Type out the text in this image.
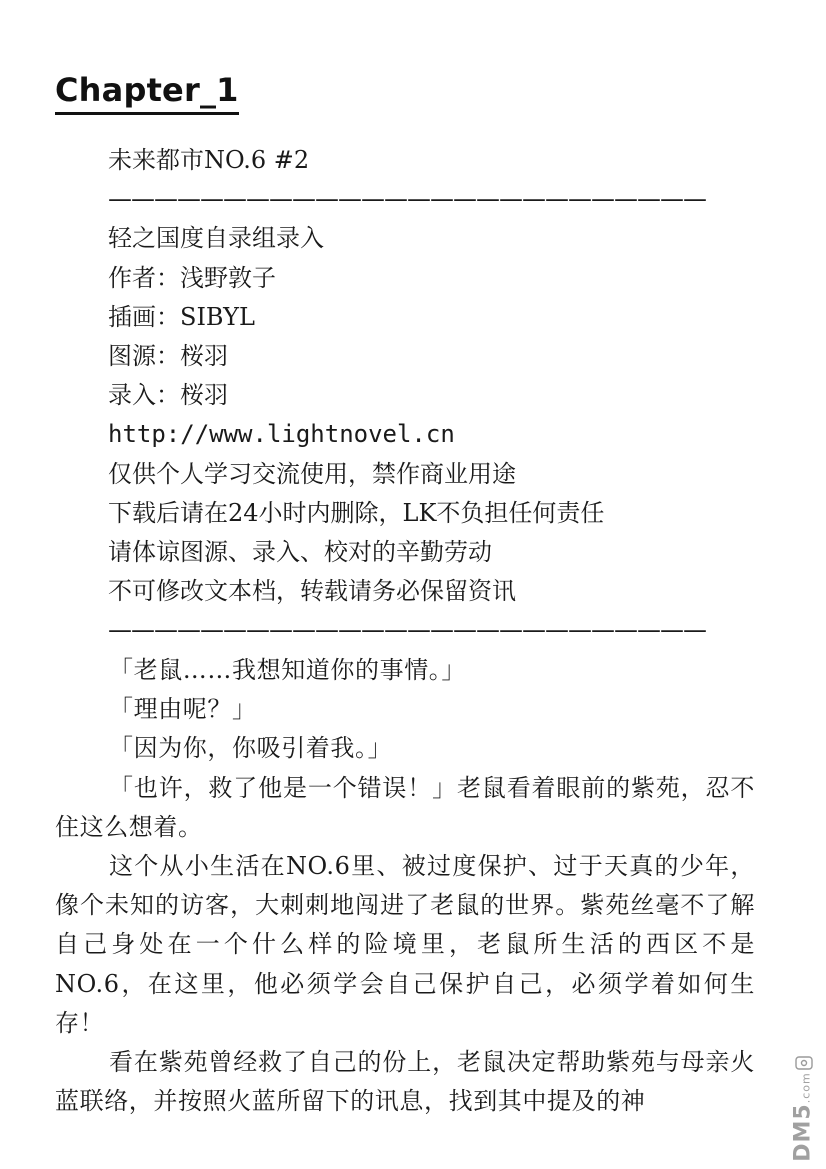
Chapter_1
未来都市NO.6 #2
——————————————————————————
轻之国度自录组录入
作者：浅野敦子
插画：SIBYL
图源：桜羽
录入：桜羽
http://www.lightnovel.cn
仅供个人学习交流使用，禁作商业用途
下载后请在24小时内删除，LK不负担任何责任
请体谅图源、录入、校对的辛勤劳动
不可修改文本档，转载请务必保留资讯
——————————————————————————

「老鼠……我想知道你的事情。」

「理由呢？」

「因为你，你吸引着我。」

「也许，救了他是一个错误！」老鼠看着眼前的紫苑，忍不住这么想着。

这个从小生活在NO.6里、被过度保护、过于天真的少年，像个未知的访客，大刺刺地闯进了老鼠的世界。紫苑丝毫不了解自己身处在一个什么样的险境里，老鼠所生活的西区不是NO.6，在这里，他必须学会自己保护自己，必须学着如何生存！

看在紫苑曾经救了自己的份上，老鼠决定帮助紫苑与母亲火蓝联络，并按照火蓝所留下的讯息，找到其中提及的神

DM5.com
